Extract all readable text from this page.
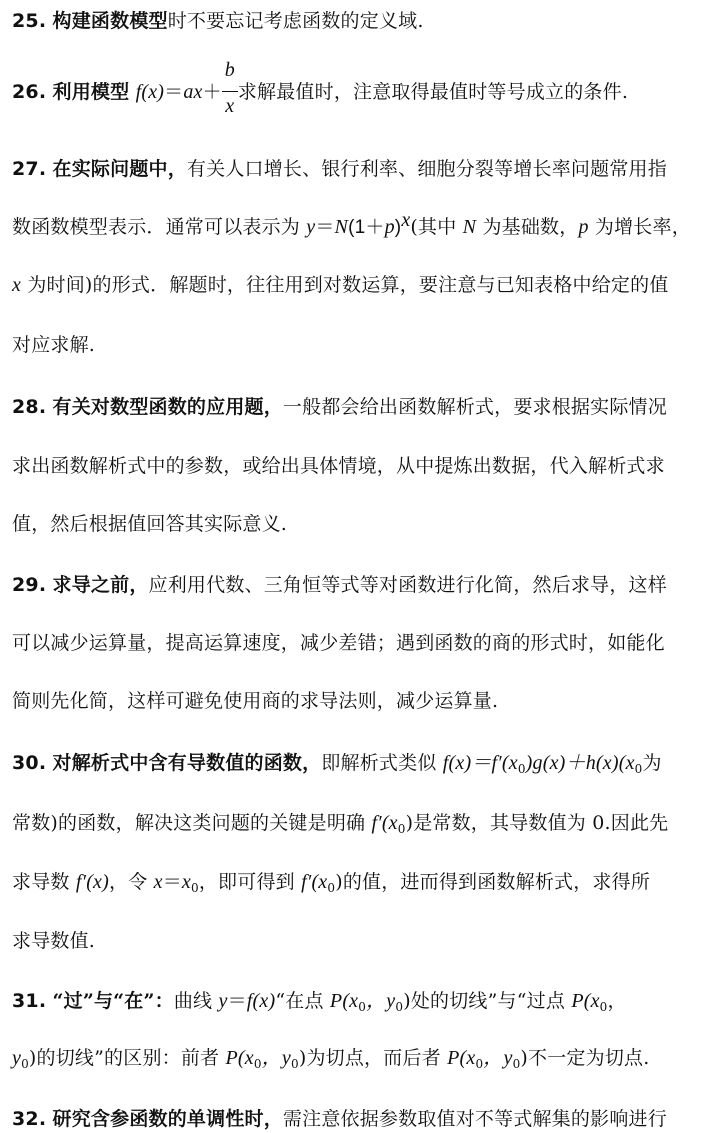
25. 构建函数模型时不要忘记考虑函数的定义域.
26. 利用模型 $f(x)=ax+ \frac{b}{x}$ 求解最值时，注意取得最值时等号成立的条件.
27. 在实际问题中，有关人口增长、银行利率、细胞分裂等增长率问题常用指
数函数模型表示．通常可以表示为 $y=N(1+p)^x$(其中 N 为基础数，p 为增长率，
x 为时间)的形式．解题时，往往用到对数运算，要注意与已知表格中给定的值
对应求解.
28. 有关对数型函数的应用题，一般都会给出函数解析式，要求根据实际情况
求出函数解析式中的参数，或给出具体情境，从中提炼出数据，代入解析式求
值，然后根据值回答其实际意义.
29. 求导之前，应利用代数、三角恒等式等对函数进行化简，然后求导，这样
可以减少运算量，提高运算速度，减少差错；遇到函数的商的形式时，如能化
简则先化简，这样可避免使用商的求导法则，减少运算量.
30. 对解析式中含有导数值的函数，即解析式类似 $f(x)=f'(x_0)g(x)+h(x)(x_0$为
常数)的函数，解决这类问题的关键是明确 $f'(x_0)$是常数，其导数值为 0.因此先
求导数 f′(x)，令 $x=x_0$，即可得到 $f'(x_0)$的值，进而得到函数解析式，求得所
求导数值.
31. “过”与“在”：曲线 y＝f(x)“在点 $P(x_0$，$y_0$)处的切线”与“过点 $P(x_0$，
$y_0$)的切线”的区别：前者 $P(x_0$，$y_0$)为切点，而后者 $P(x_0$，$y_0$)不一定为切点.
32. 研究含参函数的单调性时，需注意依据参数取值对不等式解集的影响进行
